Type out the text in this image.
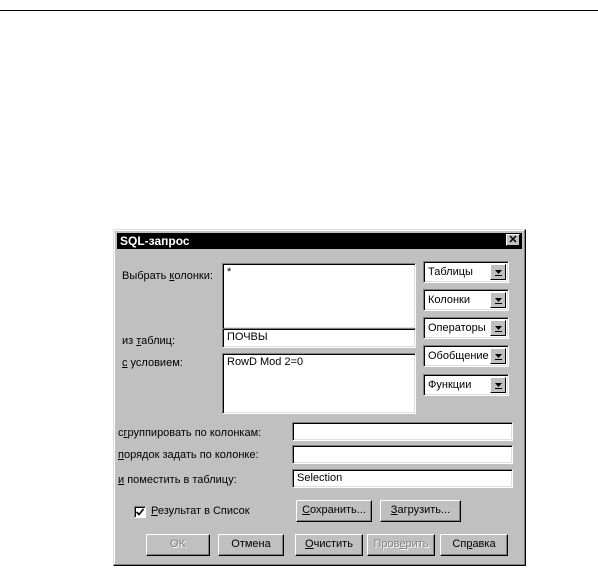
SQL-запрос	✕
Выбрать колонки:	*
из таблиц:	ПОЧВЫ
с условием:	RowD Mod 2=0
Таблицы
Колонки
Операторы
Обобщение
Функции
сгруппировать по колонкам:
порядок задать по колонке:
и поместить в таблицу:	Selection
Результат в Список	Сохранить...	Загрузить...
OK	Отмена	Очистить	Проверить	Справка
